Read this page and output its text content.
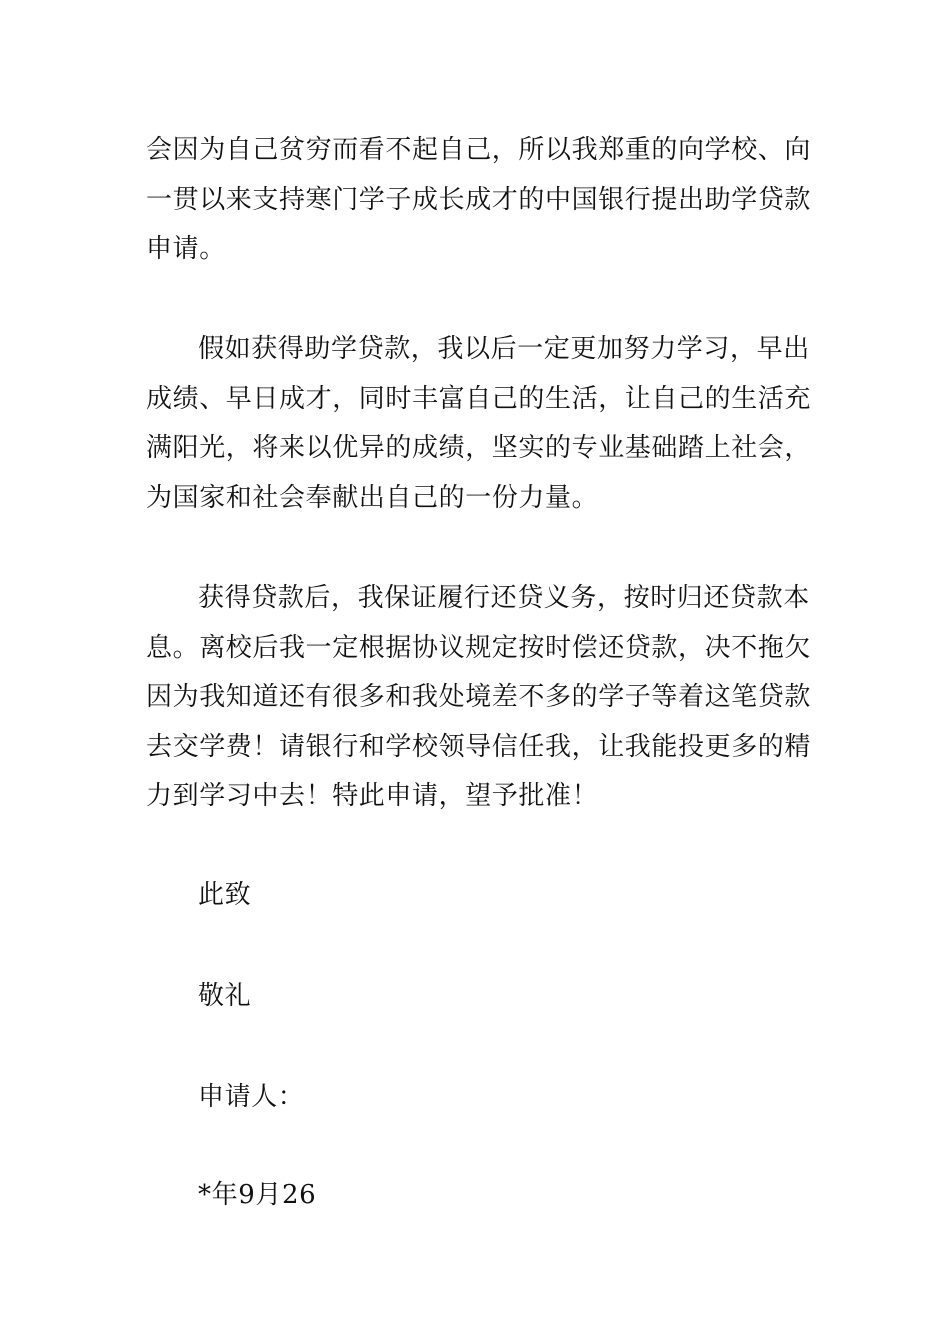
会因为自己贫穷而看不起自己，所以我郑重的向学校、向
一贯以来支持寒门学子成长成才的中国银行提出助学贷款
申请。

假如获得助学贷款，我以后一定更加努力学习，早出
成绩、早日成才，同时丰富自己的生活，让自己的生活充
满阳光，将来以优异的成绩，坚实的专业基础踏上社会，
为国家和社会奉献出自己的一份力量。

获得贷款后，我保证履行还贷义务，按时归还贷款本
息。离校后我一定根据协议规定按时偿还贷款，决不拖欠
因为我知道还有很多和我处境差不多的学子等着这笔贷款
去交学费！请银行和学校领导信任我，让我能投更多的精
力到学习中去！特此申请，望予批准！

此致

敬礼

申请人：

*年9月26
